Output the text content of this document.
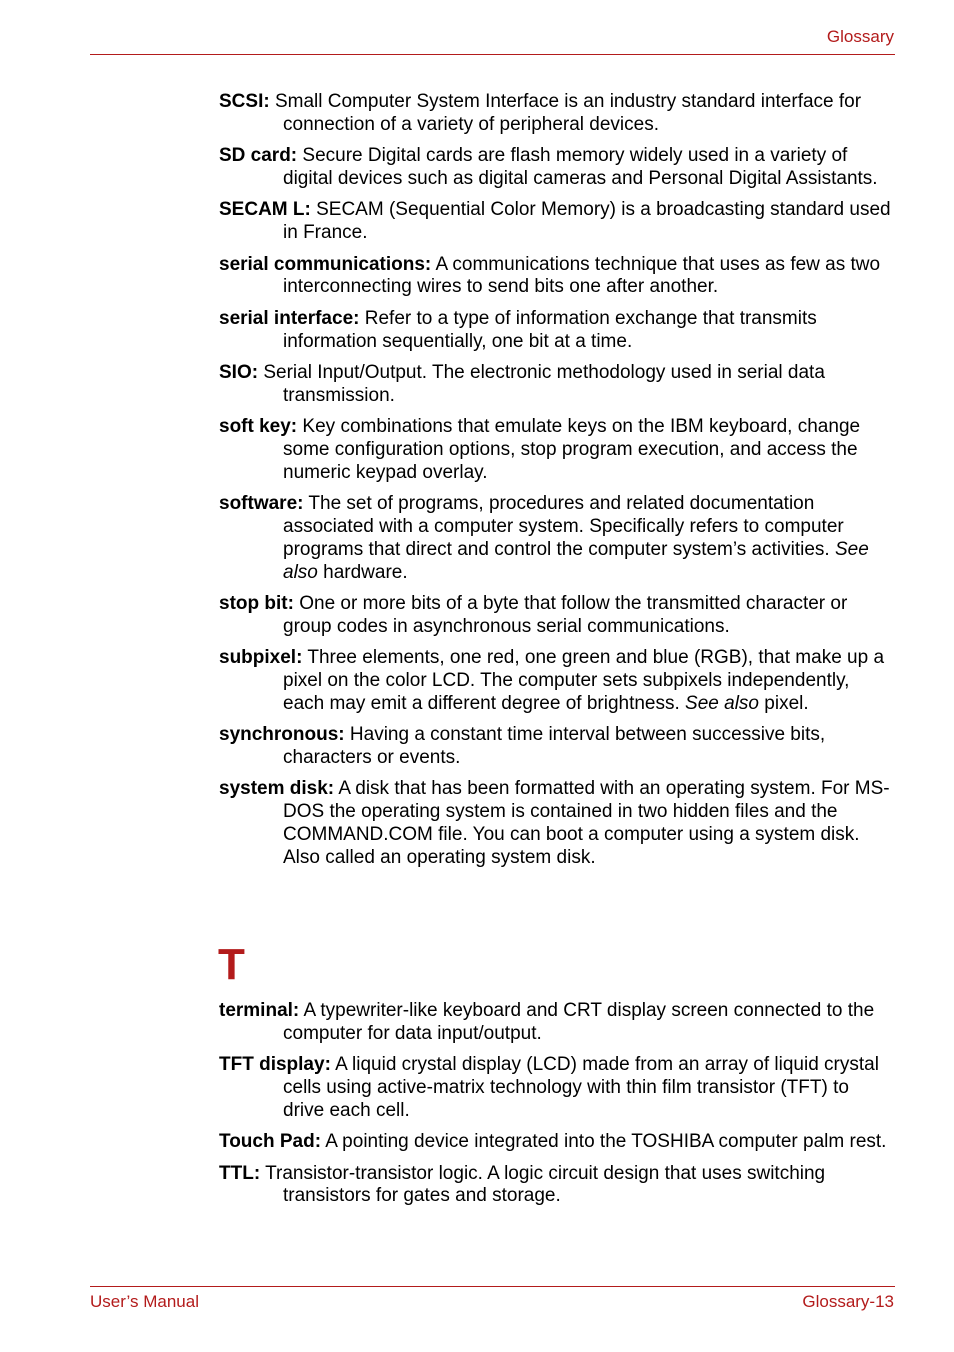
Glossary

SCSI: Small Computer System Interface is an industry standard interface for connection of a variety of peripheral devices.

SD card: Secure Digital cards are flash memory widely used in a variety of digital devices such as digital cameras and Personal Digital Assistants.

SECAM L: SECAM (Sequential Color Memory) is a broadcasting standard used in France.

serial communications: A communications technique that uses as few as two interconnecting wires to send bits one after another.

serial interface: Refer to a type of information exchange that transmits information sequentially, one bit at a time.

SIO: Serial Input/Output. The electronic methodology used in serial data transmission.

soft key: Key combinations that emulate keys on the IBM keyboard, change some configuration options, stop program execution, and access the numeric keypad overlay.

software: The set of programs, procedures and related documentation associated with a computer system. Specifically refers to computer programs that direct and control the computer system’s activities. See also hardware.

stop bit: One or more bits of a byte that follow the transmitted character or group codes in asynchronous serial communications.

subpixel: Three elements, one red, one green and blue (RGB), that make up a pixel on the color LCD. The computer sets subpixels independently, each may emit a different degree of brightness. See also pixel.

synchronous: Having a constant time interval between successive bits, characters or events.

system disk: A disk that has been formatted with an operating system. For MS-DOS the operating system is contained in two hidden files and the COMMAND.COM file. You can boot a computer using a system disk. Also called an operating system disk.

T

terminal: A typewriter-like keyboard and CRT display screen connected to the computer for data input/output.

TFT display: A liquid crystal display (LCD) made from an array of liquid crystal cells using active-matrix technology with thin film transistor (TFT) to drive each cell.

Touch Pad: A pointing device integrated into the TOSHIBA computer palm rest.

TTL: Transistor-transistor logic. A logic circuit design that uses switching transistors for gates and storage.

User’s Manual	Glossary-13
